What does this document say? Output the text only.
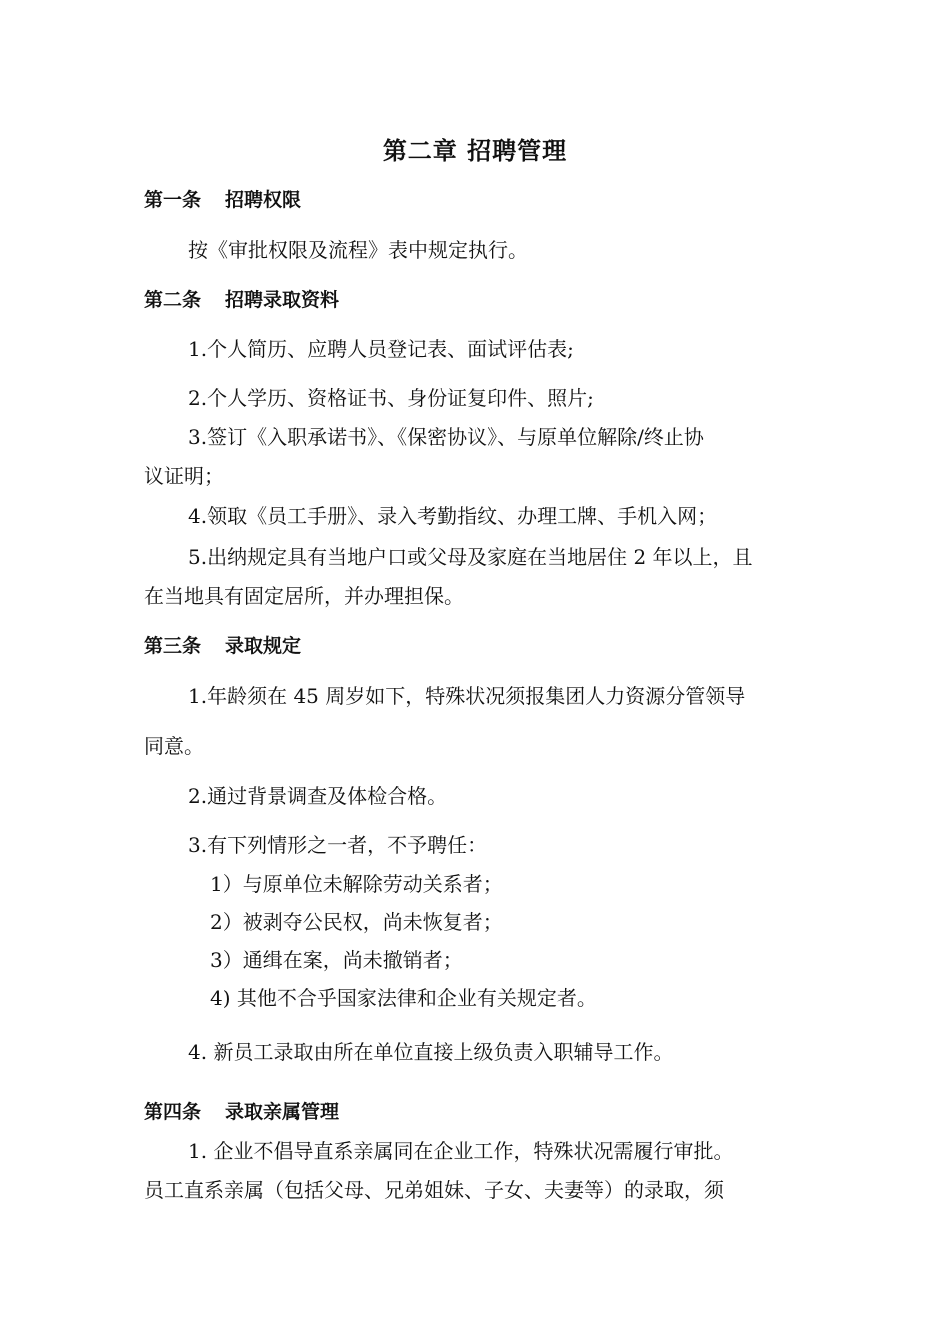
第二章 招聘管理
第一条 招聘权限
按《审批权限及流程》表中规定执行。
第二条 招聘录取资料
1.个人简历、应聘人员登记表、面试评估表;
2.个人学历、资格证书、身份证复印件、照片;
3.签订《入职承诺书》、《保密协议》、与原单位解除/终止协
议证明；
4.领取《员工手册》、录入考勤指纹、办理工牌、手机入网；
5.出纳规定具有当地户口或父母及家庭在当地居住 2 年以上，且
在当地具有固定居所，并办理担保。
第三条 录取规定
1.年龄须在 45 周岁如下，特殊状况须报集团人力资源分管领导
同意。
2.通过背景调查及体检合格。
3.有下列情形之一者，不予聘任：
1）与原单位未解除劳动关系者；
2）被剥夺公民权，尚未恢复者；
3）通缉在案，尚未撤销者；
4) 其他不合乎国家法律和企业有关规定者。
4. 新员工录取由所在单位直接上级负责入职辅导工作。
第四条 录取亲属管理
1. 企业不倡导直系亲属同在企业工作，特殊状况需履行审批。
员工直系亲属（包括父母、兄弟姐妹、子女、夫妻等）的录取，须
